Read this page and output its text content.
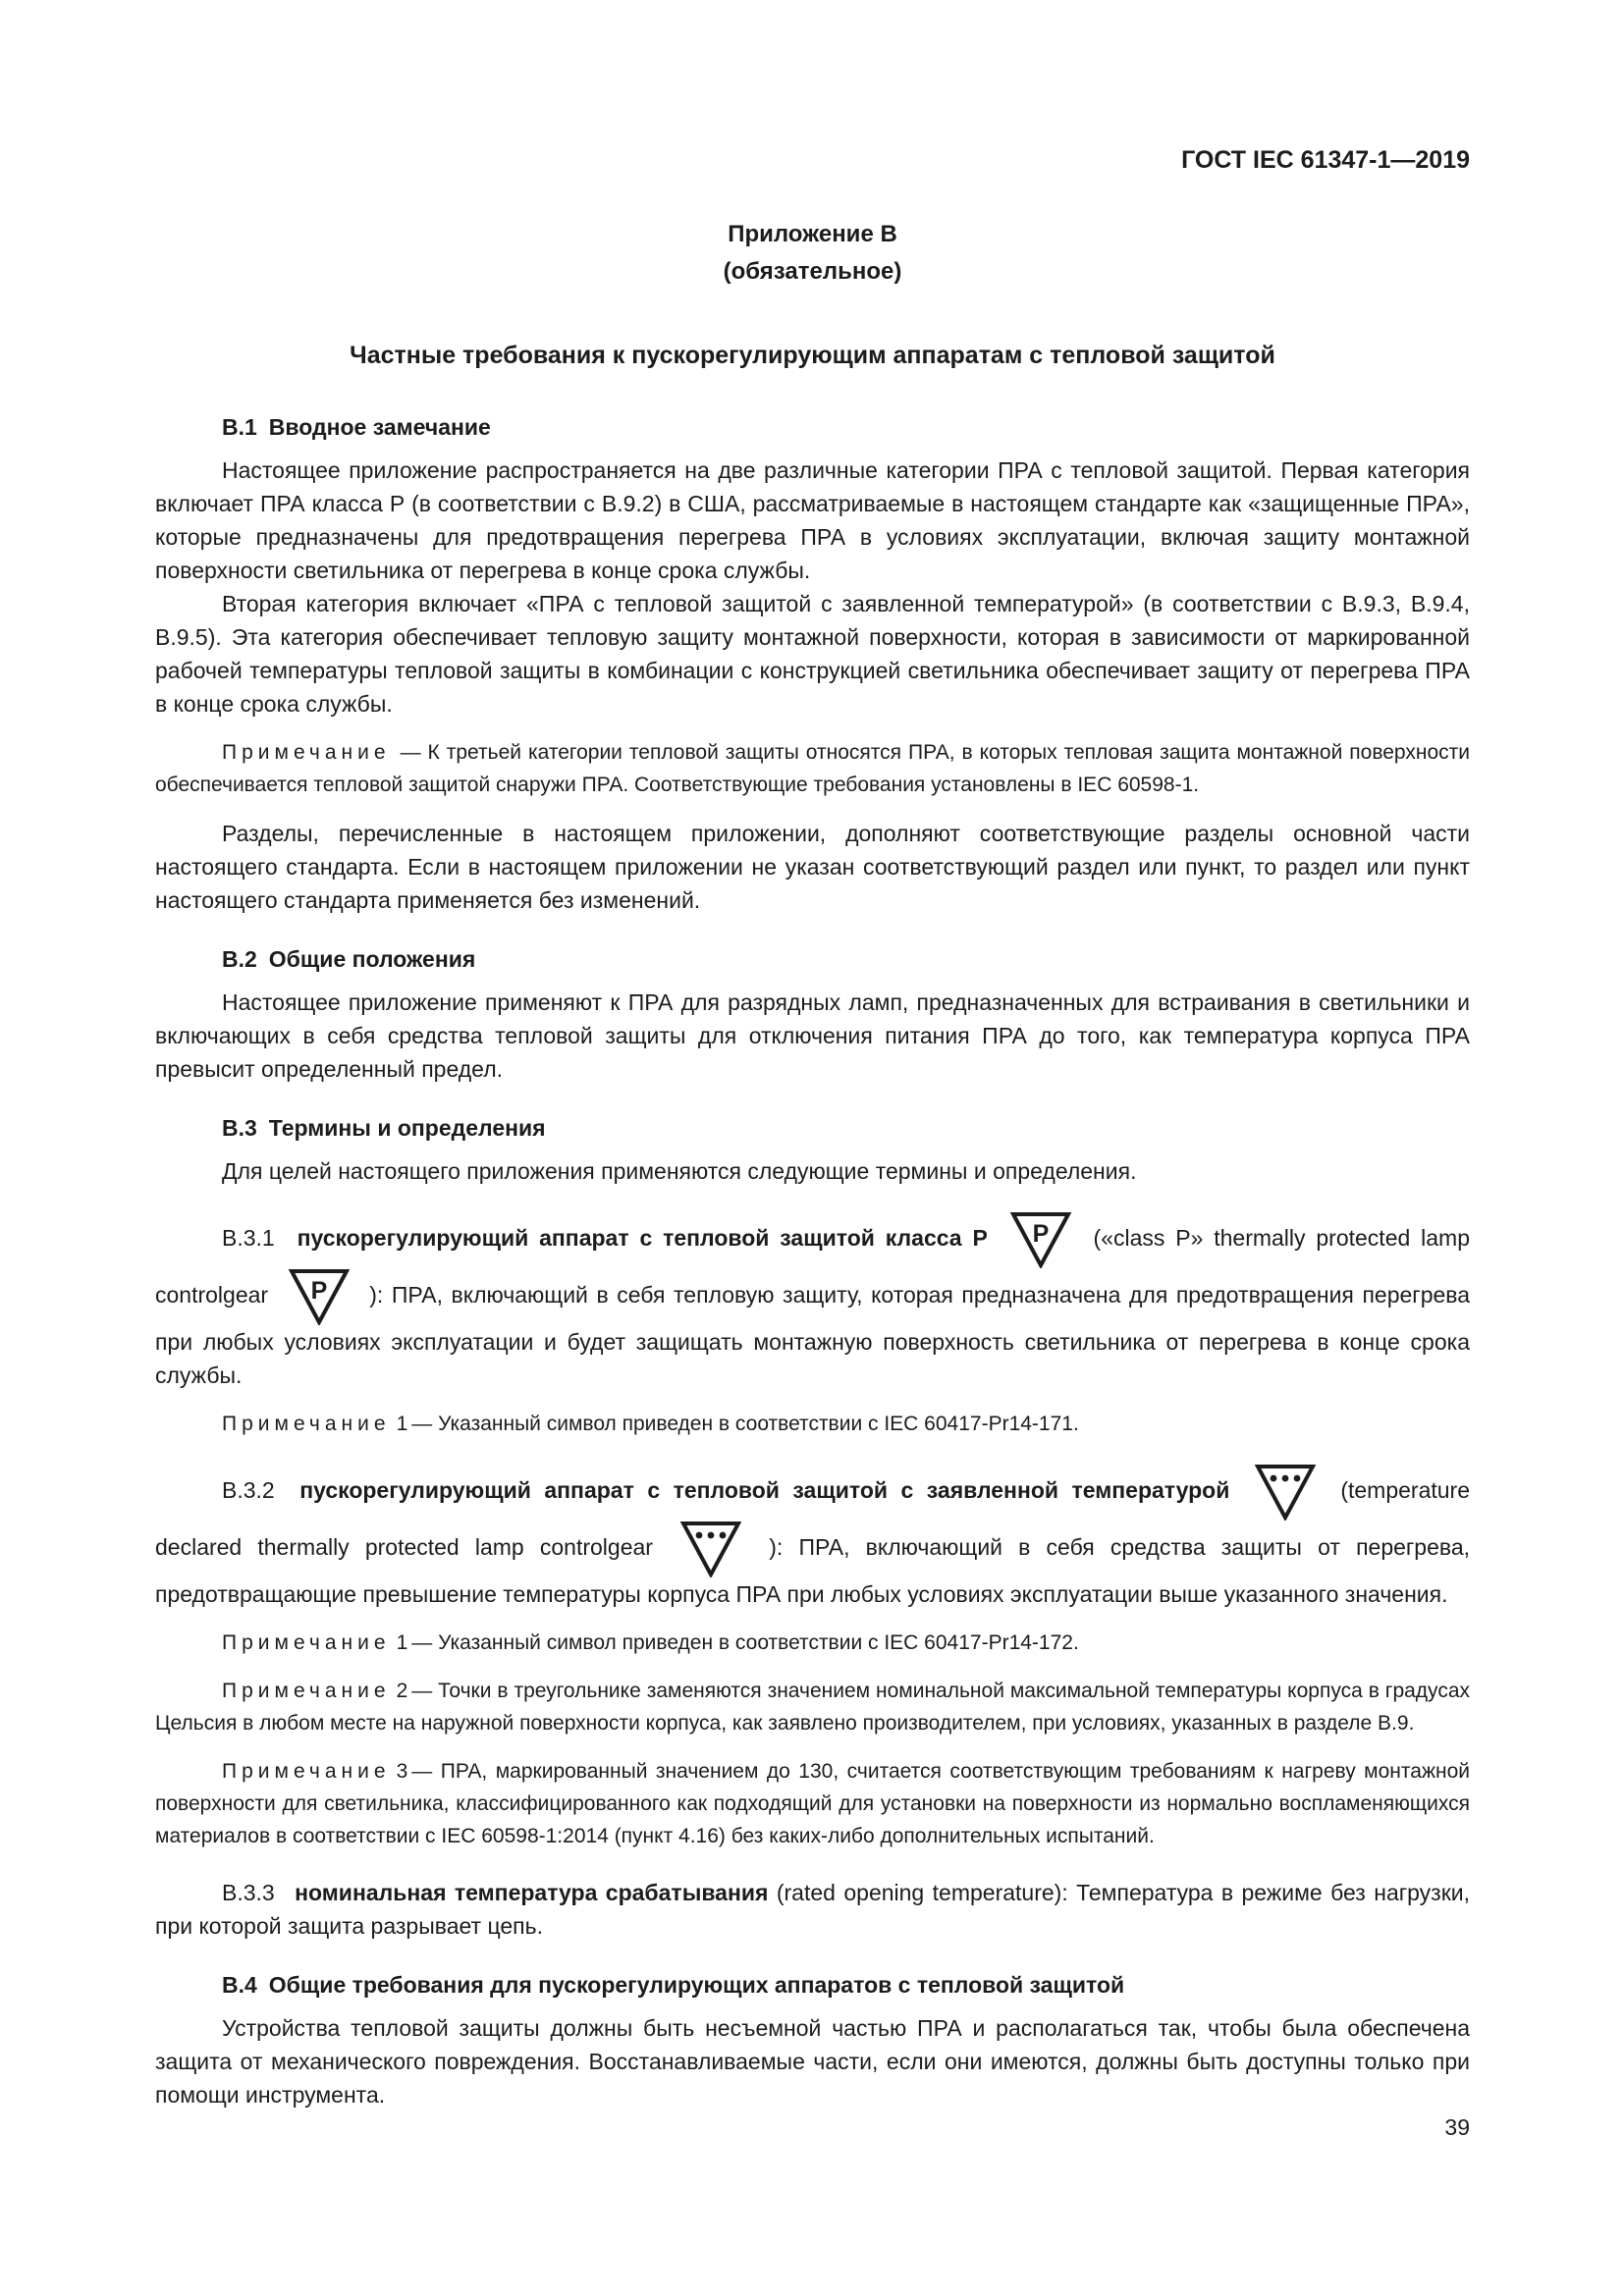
ГОСТ IEC 61347-1—2019

Приложение В

(обязательное)

Частные требования к пускорегулирующим аппаратам с тепловой защитой

В.1 Вводное замечание

Настоящее приложение распространяется на две различные категории ПРА с тепловой защитой. Первая категория включает ПРА класса Р (в соответствии с В.9.2) в США, рассматриваемые в настоящем стандарте как «защищенные ПРА», которые предназначены для предотвращения перегрева ПРА в условиях эксплуатации, включая защиту монтажной поверхности светильника от перегрева в конце срока службы.

Вторая категория включает «ПРА с тепловой защитой с заявленной температурой» (в соответствии с В.9.3, В.9.4, В.9.5). Эта категория обеспечивает тепловую защиту монтажной поверхности, которая в зависимости от маркированной рабочей температуры тепловой защиты в комбинации с конструкцией светильника обеспечивает защиту от перегрева ПРА в конце срока службы.

Примечание — К третьей категории тепловой защиты относятся ПРА, в которых тепловая защита монтажной поверхности обеспечивается тепловой защитой снаружи ПРА. Соответствующие требования установлены в IEC 60598-1.

Разделы, перечисленные в настоящем приложении, дополняют соответствующие разделы основной части настоящего стандарта. Если в настоящем приложении не указан соответствующий раздел или пункт, то раздел или пункт настоящего стандарта применяется без изменений.

В.2 Общие положения

Настоящее приложение применяют к ПРА для разрядных ламп, предназначенных для встраивания в светильники и включающих в себя средства тепловой защиты для отключения питания ПРА до того, как температура корпуса ПРА превысит определенный предел.

В.3 Термины и определения

Для целей настоящего приложения применяются следующие термины и определения.

В.3.1 пускорегулирующий аппарат с тепловой защитой класса Р P («class P» thermally protected lamp controlgear P ): ПРА, включающий в себя тепловую защиту, которая предназначена для предотвращения перегрева при любых условиях эксплуатации и будет защищать монтажную поверхность светильника от перегрева в конце срока службы.

Примечание 1 — Указанный символ приведен в соответствии с IEC 60417-Pr14-171.

В.3.2 пускорегулирующий аппарат с тепловой защитой с заявленной температурой	(temperature declared thermally protected lamp controlgear	): ПРА, включающий в себя средства защиты от перегрева, предотвращающие превышение температуры корпуса ПРА при любых условиях эксплуатации выше указанного значения.

Примечание 1 — Указанный символ приведен в соответствии с IEC 60417-Pr14-172.

Примечание 2 — Точки в треугольнике заменяются значением номинальной максимальной температуры корпуса в градусах Цельсия в любом месте на наружной поверхности корпуса, как заявлено производителем, при условиях, указанных в разделе В.9.

Примечание 3 — ПРА, маркированный значением до 130, считается соответствующим требованиям к нагреву монтажной поверхности для светильника, классифицированного как подходящий для установки на поверхности из нормально воспламеняющихся материалов в соответствии с IEC 60598-1:2014 (пункт 4.16) без каких-либо дополнительных испытаний.

В.3.3 номинальная температура срабатывания (rated opening temperature): Температура в режиме без нагрузки, при которой защита разрывает цепь.

В.4 Общие требования для пускорегулирующих аппаратов с тепловой защитой

Устройства тепловой защиты должны быть несъемной частью ПРА и располагаться так, чтобы была обеспечена защита от механического повреждения. Восстанавливаемые части, если они имеются, должны быть доступны только при помощи инструмента.

39
